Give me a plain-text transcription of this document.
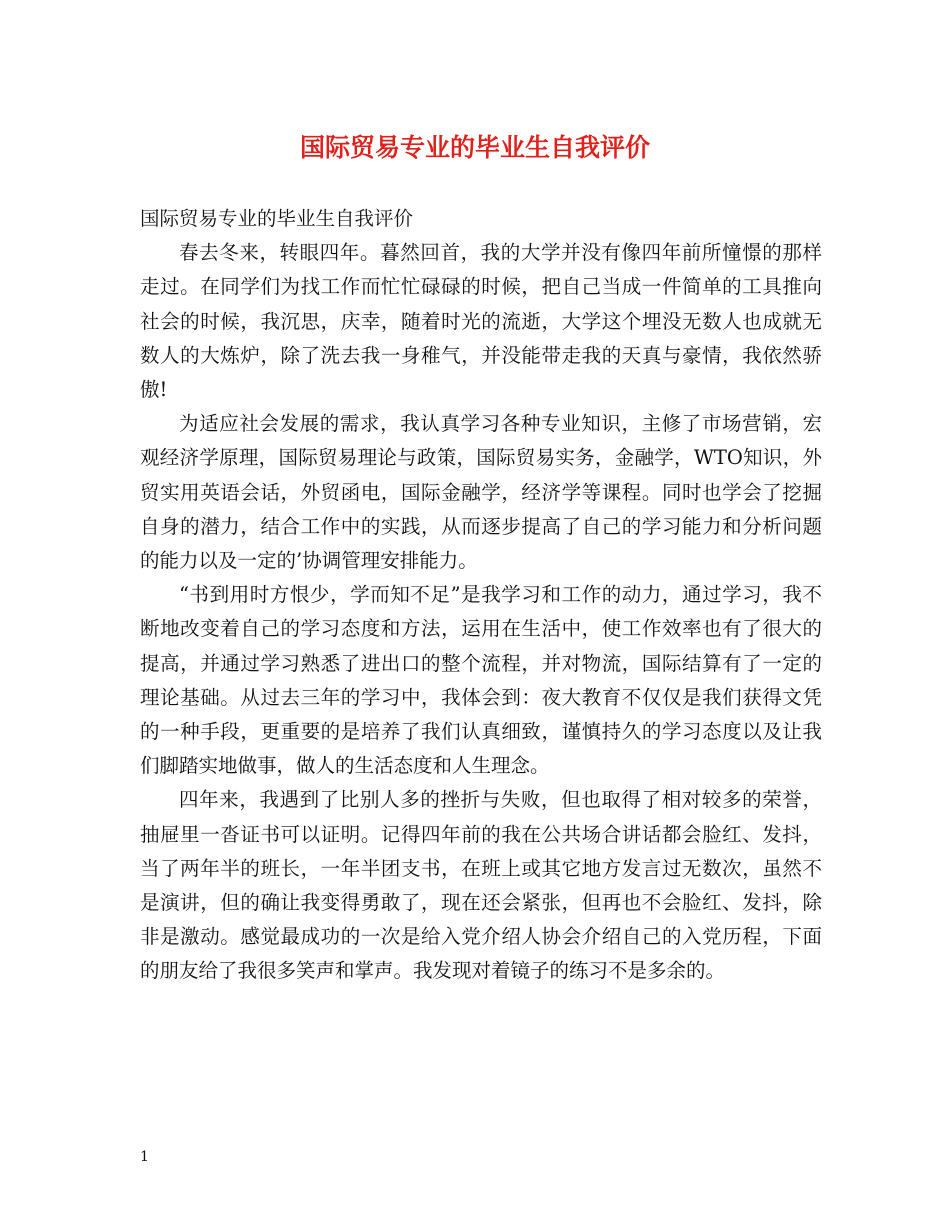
国际贸易专业的毕业生自我评价

国际贸易专业的毕业生自我评价

春去冬来，转眼四年。暮然回首，我的大学并没有像四年前所憧憬的那样走过。在同学们为找工作而忙忙碌碌的时候，把自己当成一件简单的工具推向社会的时候，我沉思，庆幸，随着时光的流逝，大学这个埋没无数人也成就无数人的大炼炉，除了洗去我一身稚气，并没能带走我的天真与豪情，我依然骄傲!

为适应社会发展的需求，我认真学习各种专业知识，主修了市场营销，宏观经济学原理，国际贸易理论与政策，国际贸易实务，金融学，WTO知识，外贸实用英语会话，外贸函电，国际金融学，经济学等课程。同时也学会了挖掘自身的潜力，结合工作中的实践，从而逐步提高了自己的学习能力和分析问题的能力以及一定的’协调管理安排能力。

“书到用时方恨少，学而知不足”是我学习和工作的动力，通过学习，我不断地改变着自己的学习态度和方法，运用在生活中，使工作效率也有了很大的提高，并通过学习熟悉了进出口的整个流程，并对物流，国际结算有了一定的理论基础。从过去三年的学习中，我体会到：夜大教育不仅仅是我们获得文凭的一种手段，更重要的是培养了我们认真细致，谨慎持久的学习态度以及让我们脚踏实地做事，做人的生活态度和人生理念。

四年来，我遇到了比别人多的挫折与失败，但也取得了相对较多的荣誉，抽屉里一沓证书可以证明。记得四年前的我在公共场合讲话都会脸红、发抖，当了两年半的班长，一年半团支书，在班上或其它地方发言过无数次，虽然不是演讲，但的确让我变得勇敢了，现在还会紧张，但再也不会脸红、发抖，除非是激动。感觉最成功的一次是给入党介绍人协会介绍自己的入党历程，下面的朋友给了我很多笑声和掌声。我发现对着镜子的练习不是多余的。

1
